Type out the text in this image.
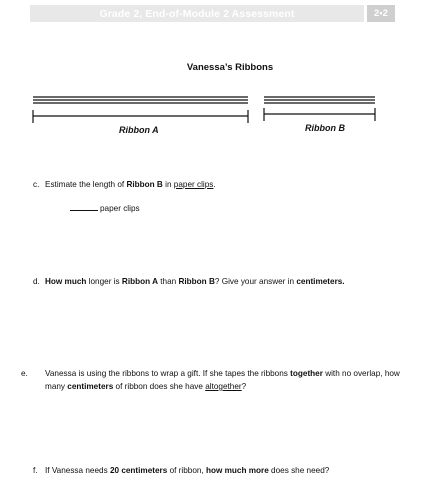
Grade 2, End-of-Module 2 Assessment	2•2
Vanessa’s Ribbons
Ribbon A	Ribbon B
c. Estimate the length of Ribbon B in paper clips.
paper clips
d. How much longer is Ribbon A than Ribbon B? Give your answer in centimeters.
e. Vanessa is using the ribbons to wrap a gift. If she tapes the ribbons together with no overlap, how many centimeters of ribbon does she have altogether?
f. If Vanessa needs 20 centimeters of ribbon, how much more does she need?
